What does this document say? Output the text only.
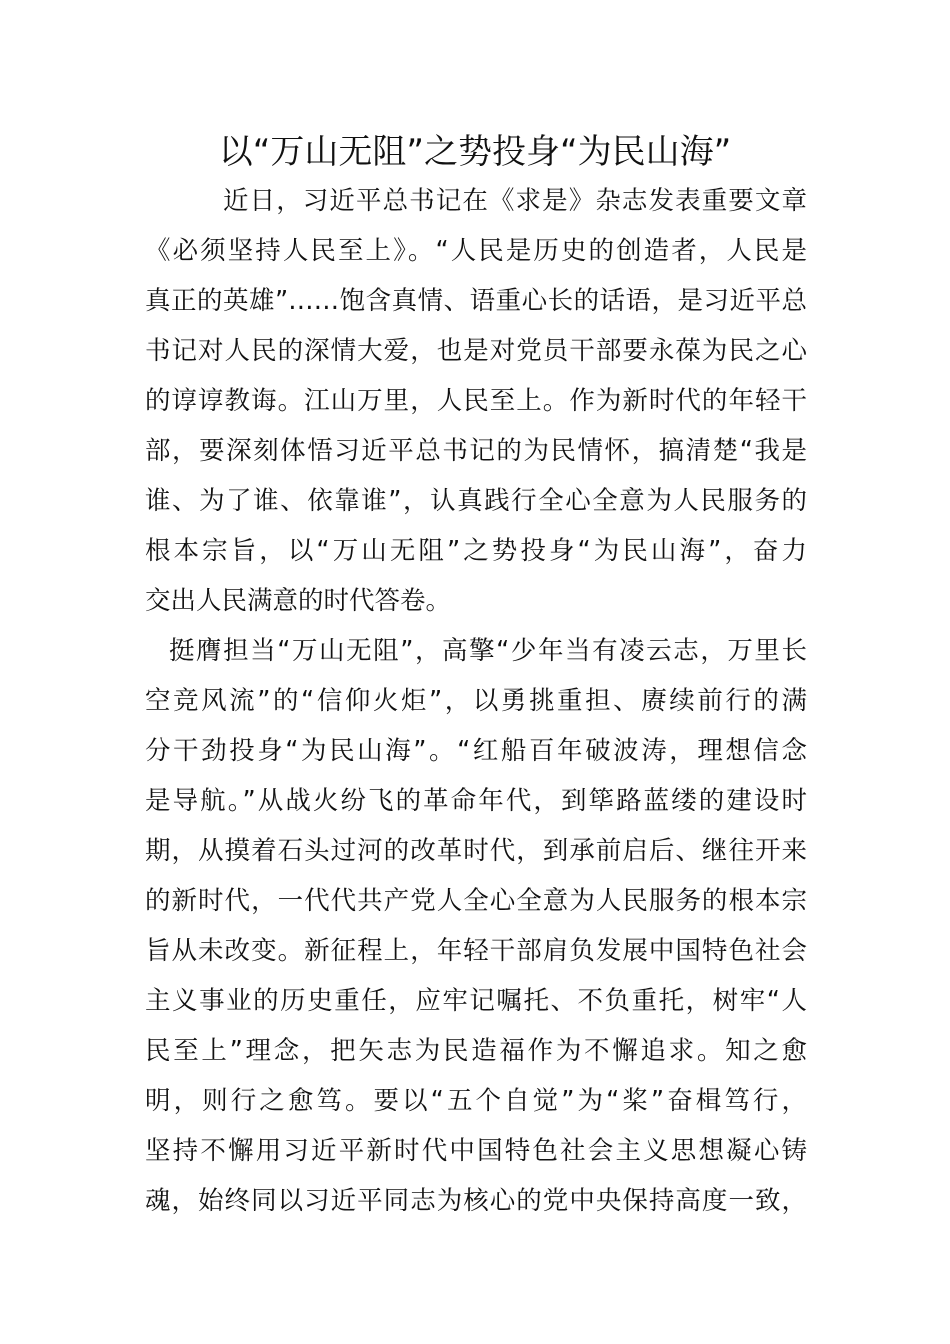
以“万山无阻”之势投身“为民山海”
近日，习近平总书记在《求是》杂志发表重要文章
《必须坚持人民至上》。“人民是历史的创造者，人民是
真正的英雄”……饱含真情、语重心长的话语，是习近平总
书记对人民的深情大爱，也是对党员干部要永葆为民之心
的谆谆教诲。江山万里，人民至上。作为新时代的年轻干
部，要深刻体悟习近平总书记的为民情怀，搞清楚“我是
谁、为了谁、依靠谁”，认真践行全心全意为人民服务的
根本宗旨，以“万山无阻”之势投身“为民山海”，奋力
交出人民满意的时代答卷。
挺膺担当“万山无阻”，高擎“少年当有凌云志，万里长
空竞风流”的“信仰火炬”，以勇挑重担、赓续前行的满
分干劲投身“为民山海”。“红船百年破波涛，理想信念
是导航。”从战火纷飞的革命年代，到筚路蓝缕的建设时
期，从摸着石头过河的改革时代，到承前启后、继往开来
的新时代，一代代共产党人全心全意为人民服务的根本宗
旨从未改变。新征程上，年轻干部肩负发展中国特色社会
主义事业的历史重任，应牢记嘱托、不负重托，树牢“人
民至上”理念，把矢志为民造福作为不懈追求。知之愈
明，则行之愈笃。要以“五个自觉”为“桨”奋楫笃行，
坚持不懈用习近平新时代中国特色社会主义思想凝心铸
魂，始终同以习近平同志为核心的党中央保持高度一致，
